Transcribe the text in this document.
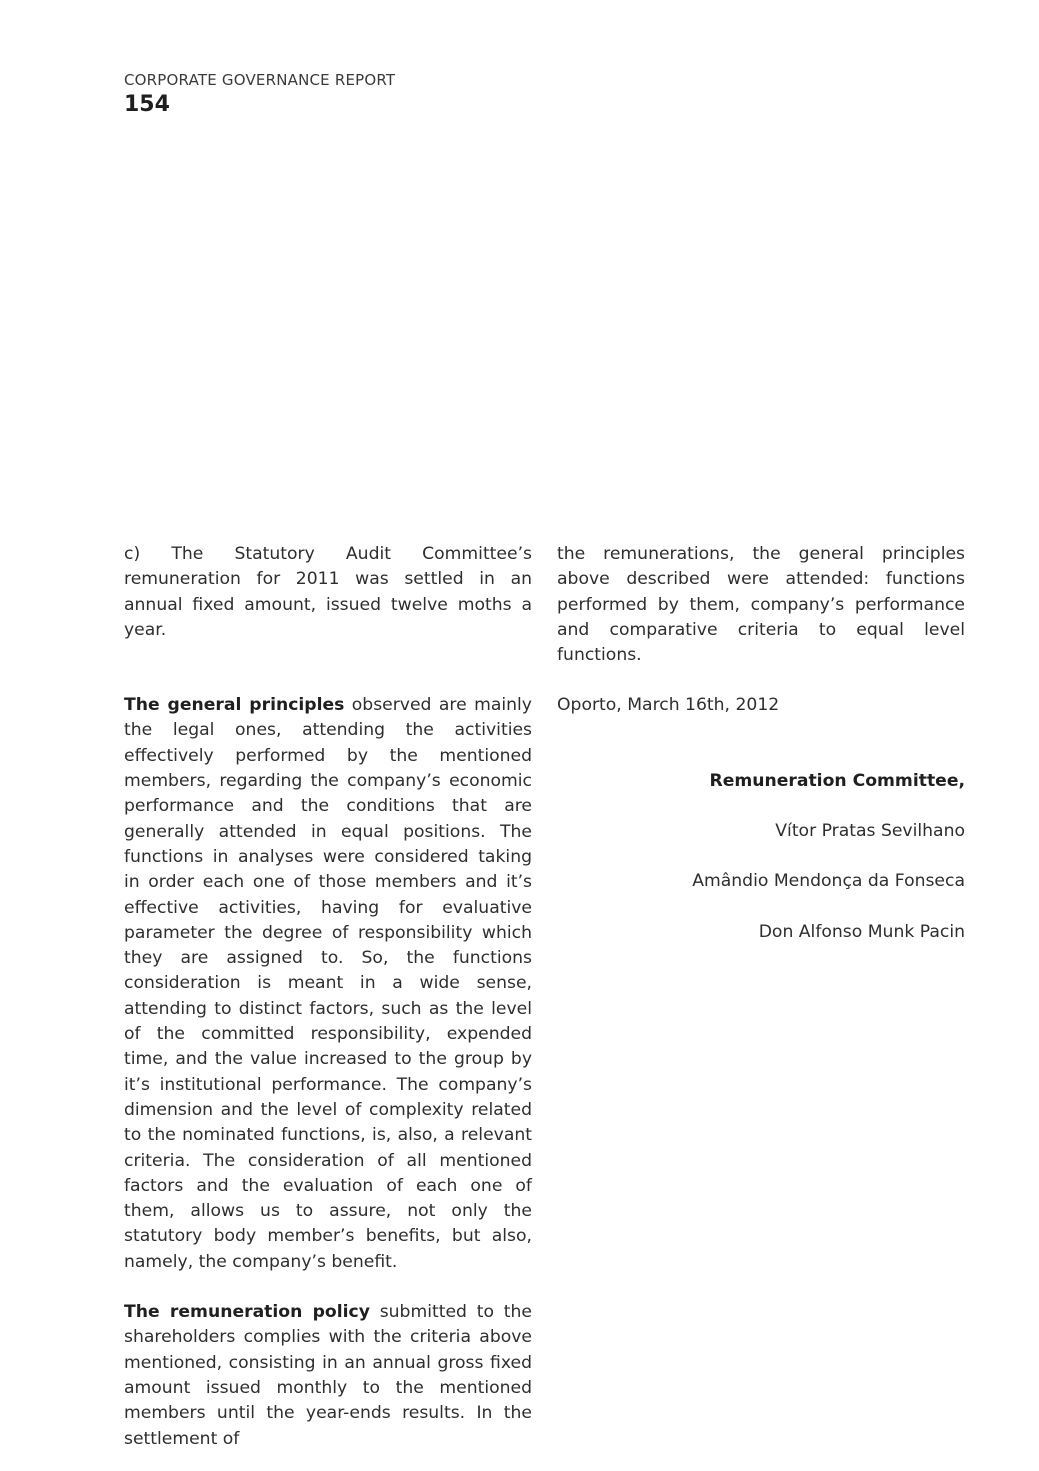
CORPORATE GOVERNANCE REPORT
154

c) The Statutory Audit Committee’s remuneration for 2011 was settled in an annual fixed amount, issued twelve moths a year.

The general principles observed are mainly the legal ones, attending the activities effectively performed by the mentioned members, regarding the company’s economic performance and the conditions that are generally attended in equal positions. The functions in analyses were considered taking in order each one of those members and it’s effective activities, having for evaluative parameter the degree of responsibility which they are assigned to. So, the functions consideration is meant in a wide sense, attending to distinct factors, such as the level of the committed responsibility, expended time, and the value increased to the group by it’s institutional performance. The company’s dimension and the level of complexity related to the nominated functions, is, also, a relevant criteria. The consideration of all mentioned factors and the evaluation of each one of them, allows us to assure, not only the statutory body member’s benefits, but also, namely, the company’s benefit.

The remuneration policy submitted to the shareholders complies with the criteria above mentioned, consisting in an annual gross fixed amount issued monthly to the mentioned members until the year-ends results. In the settlement of

the remunerations, the general principles above described were attended: functions performed by them, company’s performance and comparative criteria to equal level functions.

Oporto, March 16th, 2012

Remuneration Committee,

Vítor Pratas Sevilhano

Amândio Mendonça da Fonseca

Don Alfonso Munk Pacin
